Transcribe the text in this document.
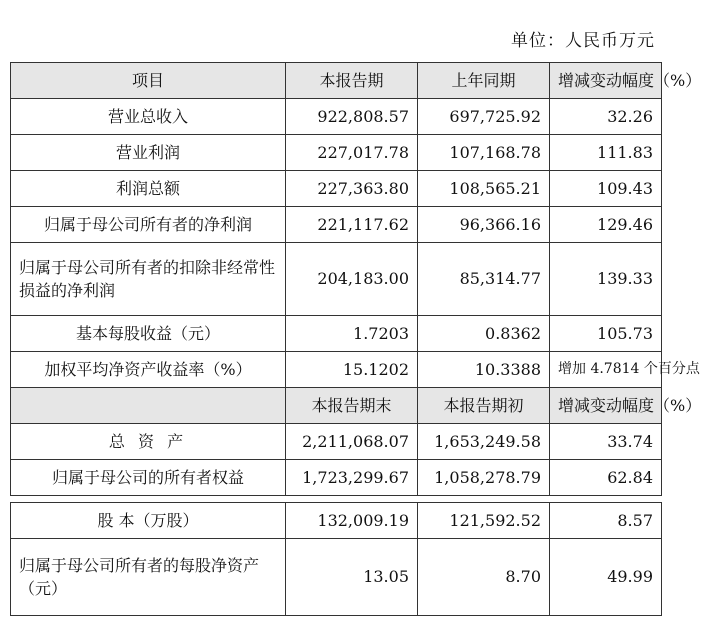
单位：人民币万元
项目	本报告期	上年同期	增减变动幅度（%）
营业总收入	922,808.57	697,725.92	32.26
营业利润	227,017.78	107,168.78	111.83
利润总额	227,363.80	108,565.21	109.43
归属于母公司所有者的净利润	221,117.62	96,366.16	129.46
归属于母公司所有者的扣除非经常性损益的净利润	204,183.00	85,314.77	139.33
基本每股收益（元）	1.7203	0.8362	105.73
加权平均净资产收益率（%）	15.1202	10.3388	增加 4.7814 个百分点
	本报告期末	本报告期初	增减变动幅度（%）
总 资 产	2,211,068.07	1,653,249.58	33.74
归属于母公司的所有者权益	1,723,299.67	1,058,278.79	62.84

股 本（万股）	132,009.19	121,592.52	8.57
归属于母公司所有者的每股净资产（元）	13.05	8.70	49.99
